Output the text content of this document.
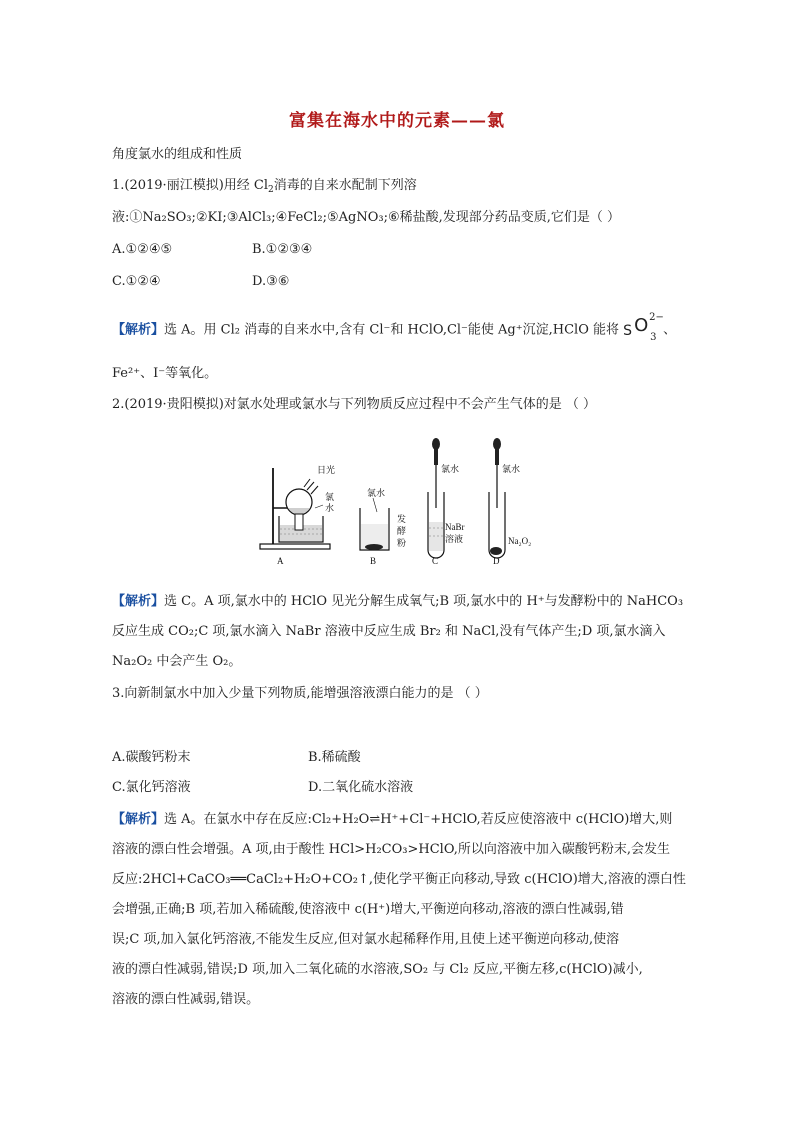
富集在海水中的元素——氯
角度氯水的组成和性质
1.(2019·丽江模拟)用经 $Cl_2$消毒的自来水配制下列溶
液:①Na₂SO₃;②KI;③AlCl₃;④FeCl₂;⑤AgNO₃;⑥稀盐酸,发现部分药品变质,它们是（ ）
A.①②④⑤	B.①②③④
C.①②④	D.③⑥
【解析】选 A。用 Cl₂ 消毒的自来水中,含有 Cl⁻和 HClO,Cl⁻能使 Ag⁺沉淀,HClO 能将 S O
3
2−
、
Fe²⁺、I⁻等氧化。
2.(2019·贵阳模拟)对氯水处理或氯水与下列物质反应过程中不会产生气体的是 （ ）
日光
氯
水
A
氯水
发
酵
粉
B
氯水
NaBr
溶液
C
氯水
Na₂O₂
D
【解析】选 C。A 项,氯水中的 HClO 见光分解生成氧气;B 项,氯水中的 H⁺与发酵粉中的 NaHCO₃
反应生成 CO₂;C 项,氯水滴入 NaBr 溶液中反应生成 Br₂ 和 NaCl,没有气体产生;D 项,氯水滴入
Na₂O₂ 中会产生 O₂。
3.向新制氯水中加入少量下列物质,能增强溶液漂白能力的是 （ ）
A.碳酸钙粉末	B.稀硫酸
C.氯化钙溶液	D.二氧化硫水溶液
【解析】选 A。在氯水中存在反应:Cl₂+H₂O⇌H⁺+Cl⁻+HClO,若反应使溶液中 c(HClO)增大,则
溶液的漂白性会增强。A 项,由于酸性 HCl>H₂CO₃>HClO,所以向溶液中加入碳酸钙粉末,会发生
反应:2HCl+CaCO₃══CaCl₂+H₂O+CO₂↑,使化学平衡正向移动,导致 c(HClO)增大,溶液的漂白性
会增强,正确;B 项,若加入稀硫酸,使溶液中 c(H⁺)增大,平衡逆向移动,溶液的漂白性减弱,错
误;C 项,加入氯化钙溶液,不能发生反应,但对氯水起稀释作用,且使上述平衡逆向移动,使溶
液的漂白性减弱,错误;D 项,加入二氧化硫的水溶液,SO₂ 与 Cl₂ 反应,平衡左移,c(HClO)减小,
溶液的漂白性减弱,错误。
